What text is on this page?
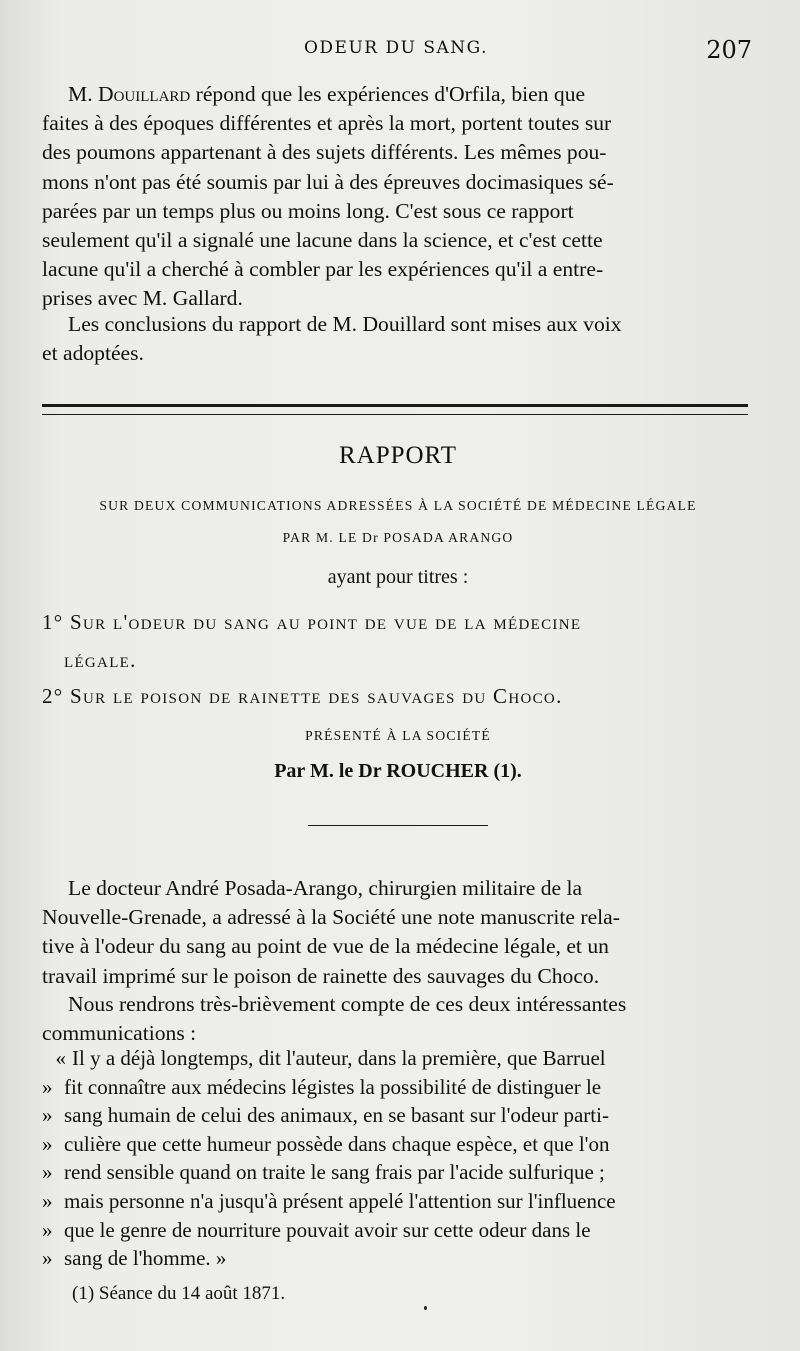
ODEUR DU SANG.	207

M. Douillard répond que les expériences d'Orfila, bien que

faites à des époques différentes et après la mort, portent toutes sur

des poumons appartenant à des sujets différents. Les mêmes pou-

mons n'ont pas été soumis par lui à des épreuves docimasiques sé-

parées par un temps plus ou moins long. C'est sous ce rapport

seulement qu'il a signalé une lacune dans la science, et c'est cette

lacune qu'il a cherché à combler par les expériences qu'il a entre-

prises avec M. Gallard.

Les conclusions du rapport de M. Douillard sont mises aux voix

et adoptées.

RAPPORT
SUR DEUX COMMUNICATIONS ADRESSÉES À LA SOCIÉTÉ DE MÉDECINE LÉGALE
PAR M. LE Dr POSADA ARANGO
ayant pour titres :
1° Sur l'odeur du sang au point de vue de la médecine
légale.
2° Sur le poison de rainette des sauvages du Choco.
PRÉSENTÉ À LA SOCIÉTÉ
Par M. le Dr ROUCHER (1).

Le docteur André Posada-Arango, chirurgien militaire de la

Nouvelle-Grenade, a adressé à la Société une note manuscrite rela-

tive à l'odeur du sang au point de vue de la médecine légale, et un

travail imprimé sur le poison de rainette des sauvages du Choco.

Nous rendrons très-brièvement compte de ces deux intéressantes

communications :

« Il y a déjà longtemps, dit l'auteur, dans la première, que Barruel
» fit connaître aux médecins légistes la possibilité de distinguer le
» sang humain de celui des animaux, en se basant sur l'odeur parti-
» culière que cette humeur possède dans chaque espèce, et que l'on
» rend sensible quand on traite le sang frais par l'acide sulfurique ;
» mais personne n'a jusqu'à présent appelé l'attention sur l'influence
» que le genre de nourriture pouvait avoir sur cette odeur dans le
» sang de l'homme. »
(1) Séance du 14 août 1871.
